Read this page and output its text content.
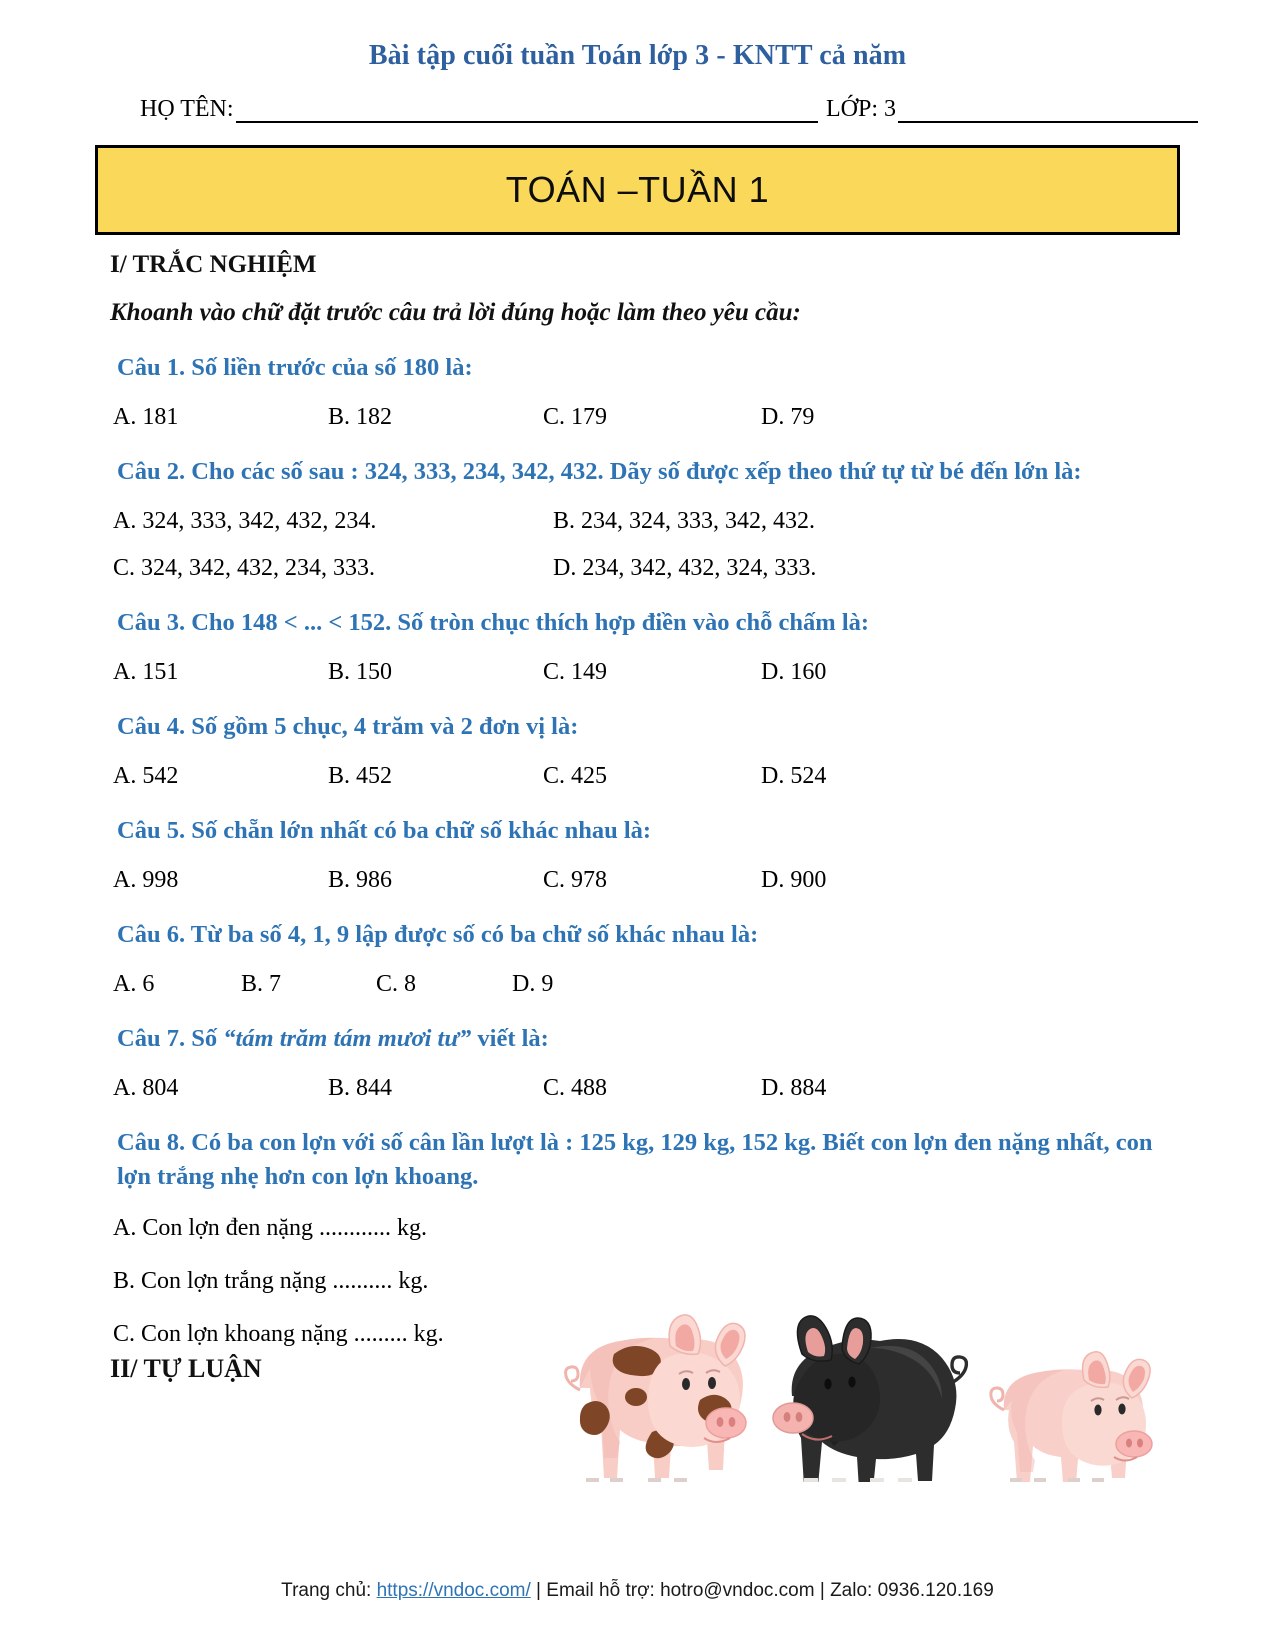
Bài tập cuối tuần Toán lớp 3 - KNTT cả năm
HỌ TÊN:	LỚP: 3
TOÁN –TUẦN 1
I/ TRẮC NGHIỆM
Khoanh vào chữ đặt trước câu trả lời đúng hoặc làm theo yêu cầu:
Câu 1. Số liền trước của số 180 là:
A. 181	B. 182	C. 179	D. 79
Câu 2. Cho các số sau : 324, 333, 234, 342, 432. Dãy số được xếp theo thứ tự từ bé đến lớn là:
A. 324, 333, 342, 432, 234.	B. 234, 324, 333, 342, 432.
C. 324, 342, 432, 234, 333.	D. 234, 342, 432, 324, 333.
Câu 3. Cho 148 < ... < 152. Số tròn chục thích hợp điền vào chỗ chấm là:
A. 151	B. 150	C. 149	D. 160
Câu 4. Số gồm 5 chục, 4 trăm và 2 đơn vị là:
A. 542	B. 452	C. 425	D. 524
Câu 5. Số chẵn lớn nhất có ba chữ số khác nhau là:
A. 998	B. 986	C. 978	D. 900
Câu 6. Từ ba số 4, 1, 9 lập được số có ba chữ số khác nhau là:
A. 6	B. 7	C. 8	D. 9
Câu 7. Số “tám trăm tám mươi tư” viết là:
A. 804	B. 844	C. 488	D. 884
Câu 8. Có ba con lợn với số cân lần lượt là : 125 kg, 129 kg, 152 kg. Biết con lợn đen nặng nhất, con lợn trắng nhẹ hơn con lợn khoang.
A. Con lợn đen nặng ............ kg.
B. Con lợn trắng nặng .......... kg.
C. Con lợn khoang nặng ......... kg.
II/ TỰ LUẬN
Trang chủ: https://vndoc.com/ | Email hỗ trợ: hotro@vndoc.com | Zalo: 0936.120.169
